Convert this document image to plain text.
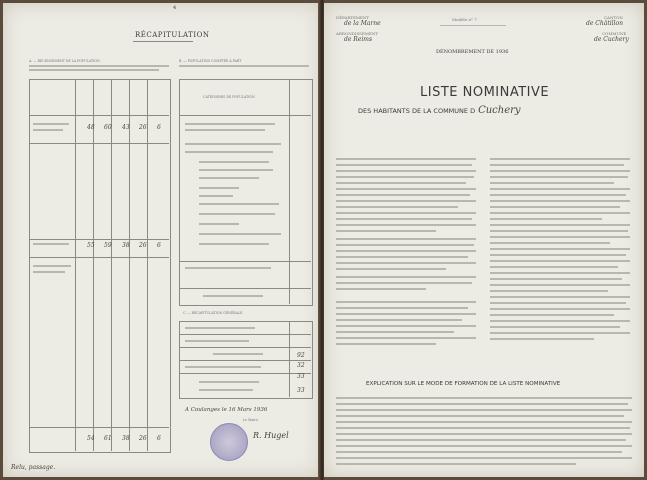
4
RÉCAPITULATION
A. — RECENSEMENT DE LA POPULATION
48 60 43 26 6
55 59 38 26 6
54 61 38 26 6
B. — POPULATION COMPTÉE À PART
CATÉGORIES DE POPULATION
C. — RÉCAPITULATION GÉNÉRALE
92
32
33
33
A Coulanges le 16 Mars 1936
Le Maire,
R. Hugel
Relu, passage.
DÉPARTEMENT
de la Marne
ARRONDISSEMENT
de Reims
Modèle n° 7	CANTON
de Châtillon
COMMUNE
de Cuchery
DÉNOMBREMENT DE 1936
LISTE NOMINATIVE
DES HABITANTS DE LA COMMUNE D Cuchery
EXPLICATION SUR LE MODE DE FORMATION DE LA LISTE NOMINATIVE
